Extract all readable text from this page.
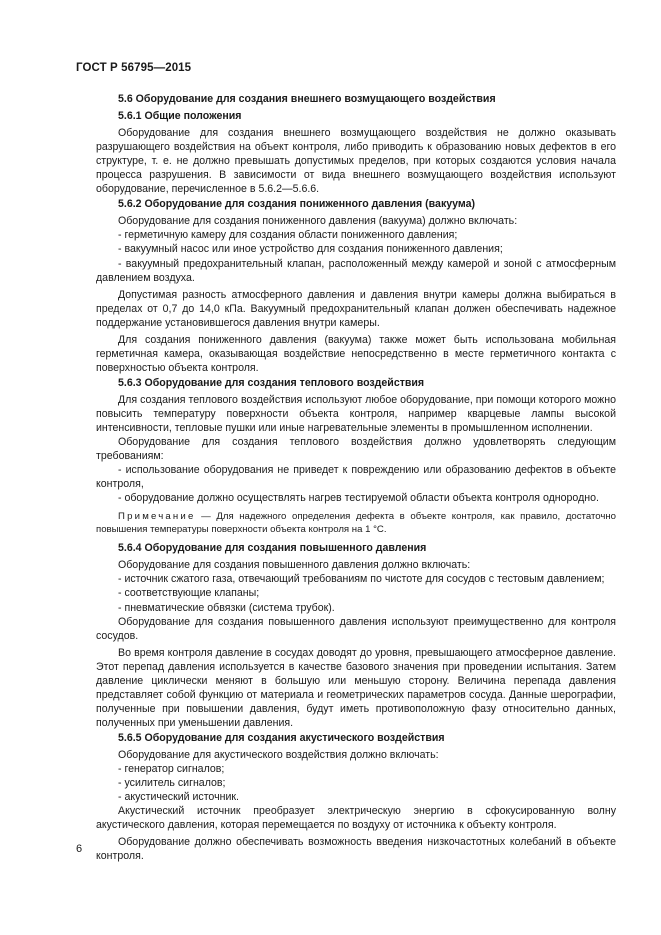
ГОСТ Р 56795—2015
5.6 Оборудование для создания внешнего возмущающего воздействия
5.6.1 Общие положения
Оборудование для создания внешнего возмущающего воздействия не должно оказывать разрушающего воздействия на объект контроля, либо приводить к образованию новых дефектов в его структуре, т. е. не должно превышать допустимых пределов, при которых создаются условия начала процесса разрушения. В зависимости от вида внешнего возмущающего воздействия используют оборудование, перечисленное в 5.6.2—5.6.6.
5.6.2 Оборудование для создания пониженного давления (вакуума)
Оборудование для создания пониженного давления (вакуума) должно включать:
- герметичную камеру для создания области пониженного давления;
- вакуумный насос или иное устройство для создания пониженного давления;
- вакуумный предохранительный клапан, расположенный между камерой и зоной с атмосферным давлением воздуха.
Допустимая разность атмосферного давления и давления внутри камеры должна выбираться в пределах от 0,7 до 14,0 кПа. Вакуумный предохранительный клапан должен обеспечивать надежное поддержание установившегося давления внутри камеры.
Для создания пониженного давления (вакуума) также может быть использована мобильная герметичная камера, оказывающая воздействие непосредственно в месте герметичного контакта с поверхностью объекта контроля.
5.6.3 Оборудование для создания теплового воздействия
Для создания теплового воздействия используют любое оборудование, при помощи которого можно повысить температуру поверхности объекта контроля, например кварцевые лампы высокой интенсивности, тепловые пушки или иные нагревательные элементы в промышленном исполнении.
Оборудование для создания теплового воздействия должно удовлетворять следующим требованиям:
- использование оборудования не приведет к повреждению или образованию дефектов в объекте контроля,
- оборудование должно осуществлять нагрев тестируемой области объекта контроля однородно.
Примечание — Для надежного определения дефекта в объекте контроля, как правило, достаточно повышения температуры поверхности объекта контроля на 1 °С.
5.6.4 Оборудование для создания повышенного давления
Оборудование для создания повышенного давления должно включать:
- источник сжатого газа, отвечающий требованиям по чистоте для сосудов с тестовым давлением;
- соответствующие клапаны;
- пневматические обвязки (система трубок).
Оборудование для создания повышенного давления используют преимущественно для контроля сосудов.
Во время контроля давление в сосудах доводят до уровня, превышающего атмосферное давление. Этот перепад давления используется в качестве базового значения при проведении испытания. Затем давление циклически меняют в большую или меньшую сторону. Величина перепада давления представляет собой функцию от материала и геометрических параметров сосуда. Данные шерографии, полученные при повышении давления, будут иметь противоположную фазу относительно данных, полученных при уменьшении давления.
5.6.5 Оборудование для создания акустического воздействия
Оборудование для акустического воздействия должно включать:
- генератор сигналов;
- усилитель сигналов;
- акустический источник.
Акустический источник преобразует электрическую энергию в сфокусированную волну акустического давления, которая перемещается по воздуху от источника к объекту контроля.
Оборудование должно обеспечивать возможность введения низкочастотных колебаний в объекте контроля.
6
